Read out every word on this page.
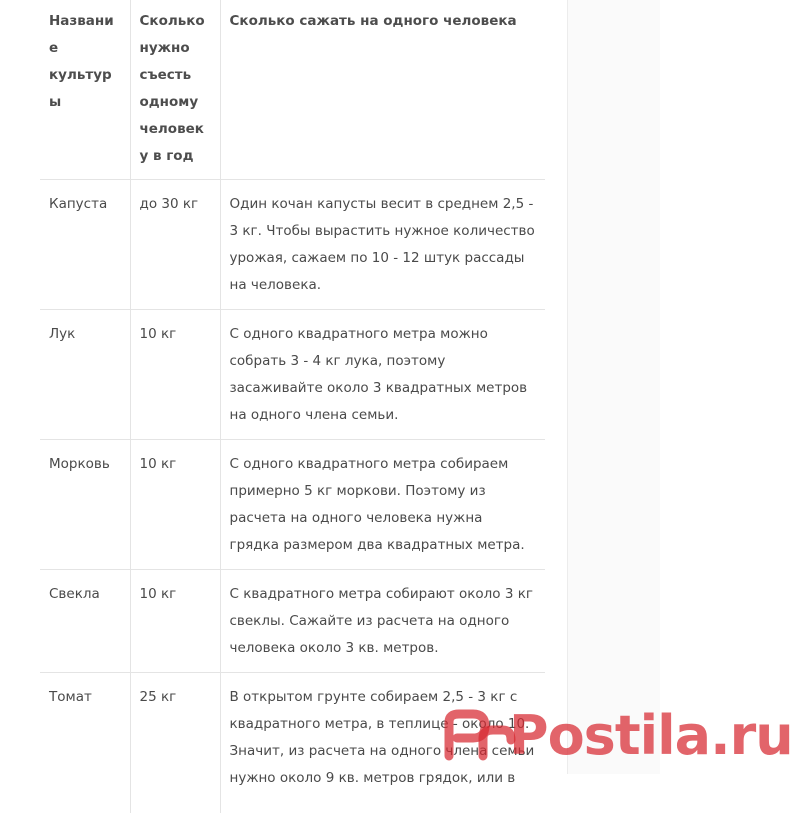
Название культуры	Сколько нужно съесть одному человеку в год	Сколько сажать на одного человека
Капуста	до 30 кг	Один кочан капусты весит в среднем 2,5 - 3 кг. Чтобы вырастить нужное количество урожая, сажаем по 10 - 12 штук рассады на человека.
Лук	10 кг	С одного квадратного метра можно собрать 3 - 4 кг лука, поэтому засаживайте около 3 квадратных метров на одного члена семьи.
Морковь	10 кг	С одного квадратного метра собираем примерно 5 кг моркови. Поэтому из расчета на одного человека нужна грядка размером два квадратных метра.
Свекла	10 кг	С квадратного метра собирают около 3 кг свеклы. Сажайте из расчета на одного человека около 3 кв. метров.
Томат	25 кг	В открытом грунте собираем 2,5 - 3 кг с квадратного метра, в теплице - около 10. Значит, из расчета на одного члена семьи нужно около 9 кв. метров грядок, или в
Postila.ru
